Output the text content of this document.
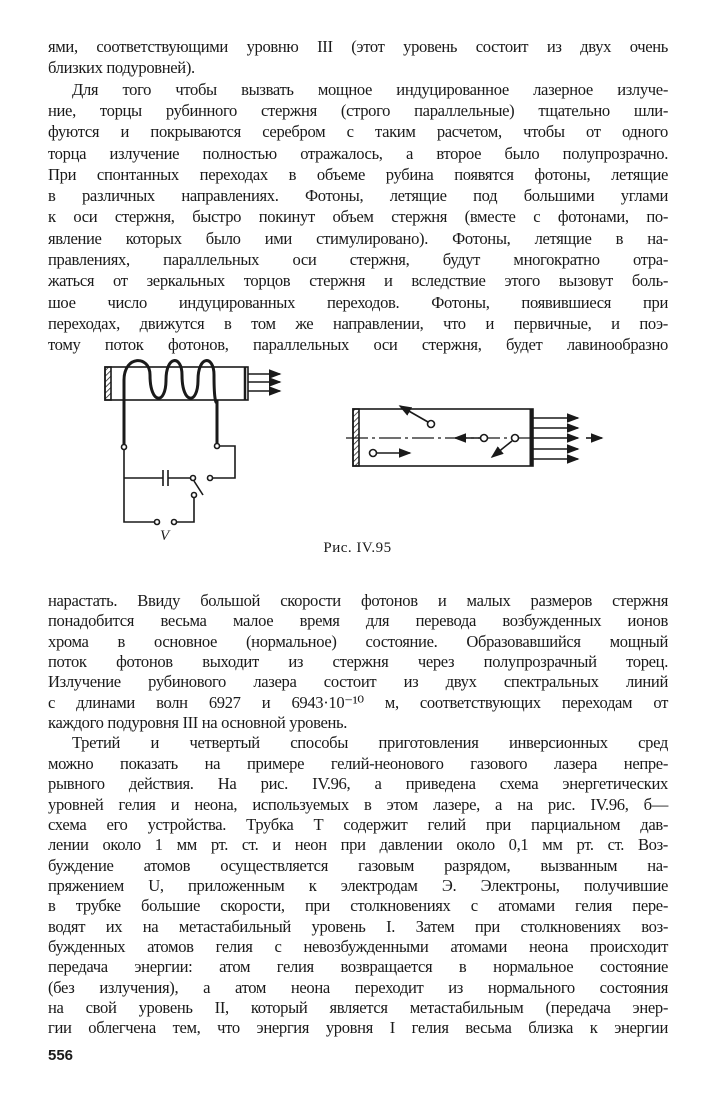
ями, соответствующими уровню III (этот уровень состоит из двух очень
близких подуровней).
Для того чтобы вызвать мощное индуцированное лазерное излуче-
ние, торцы рубинного стержня (строго параллельные) тщательно шли-
фуются и покрываются серебром с таким расчетом, чтобы от одного
торца излучение полностью отражалось, а второе было полупрозрачно.
При спонтанных переходах в объеме рубина появятся фотоны, летящие
в различных направлениях. Фотоны, летящие под большими углами
к оси стержня, быстро покинут объем стержня (вместе с фотонами, по-
явление которых было ими стимулировано). Фотоны, летящие в на-
правлениях, параллельных оси стержня, будут многократно отра-
жаться от зеркальных торцов стержня и вследствие этого вызовут боль-
шое число индуцированных переходов. Фотоны, появившиеся при
переходах, движутся в том же направлении, что и первичные, и поэ-
тому поток фотонов, параллельных оси стержня, будет лавинообразно
V
Рис. IV.95
нарастать. Ввиду большой скорости фотонов и малых размеров стержня
понадобится весьма малое время для перевода возбужденных ионов
хрома в основное (нормальное) состояние. Образовавшийся мощный
поток фотонов выходит из стержня через полупрозрачный торец.
Излучение рубинового лазера состоит из двух спектральных линий
с длинами волн 6927 и 6943·10⁻¹⁰ м, соответствующих переходам от
каждого подуровня III на основной уровень.
Третий и четвертый способы приготовления инверсионных сред
можно показать на примере гелий-неонового газового лазера непре-
рывного действия. На рис. IV.96, а приведена схема энергетических
уровней гелия и неона, используемых в этом лазере, а на рис. IV.96, б—
схема его устройства. Трубка Т содержит гелий при парциальном дав-
лении около 1 мм рт. ст. и неон при давлении около 0,1 мм рт. ст. Воз-
буждение атомов осуществляется газовым разрядом, вызванным на-
пряжением U, приложенным к электродам Э. Электроны, получившие
в трубке большие скорости, при столкновениях с атомами гелия пере-
водят их на метастабильный уровень I. Затем при столкновениях воз-
бужденных атомов гелия с невозбужденными атомами неона происходит
передача энергии: атом гелия возвращается в нормальное состояние
(без излучения), а атом неона переходит из нормального состояния
на свой уровень II, который является метастабильным (передача энер-
гии облегчена тем, что энергия уровня I гелия весьма близка к энергии
556
